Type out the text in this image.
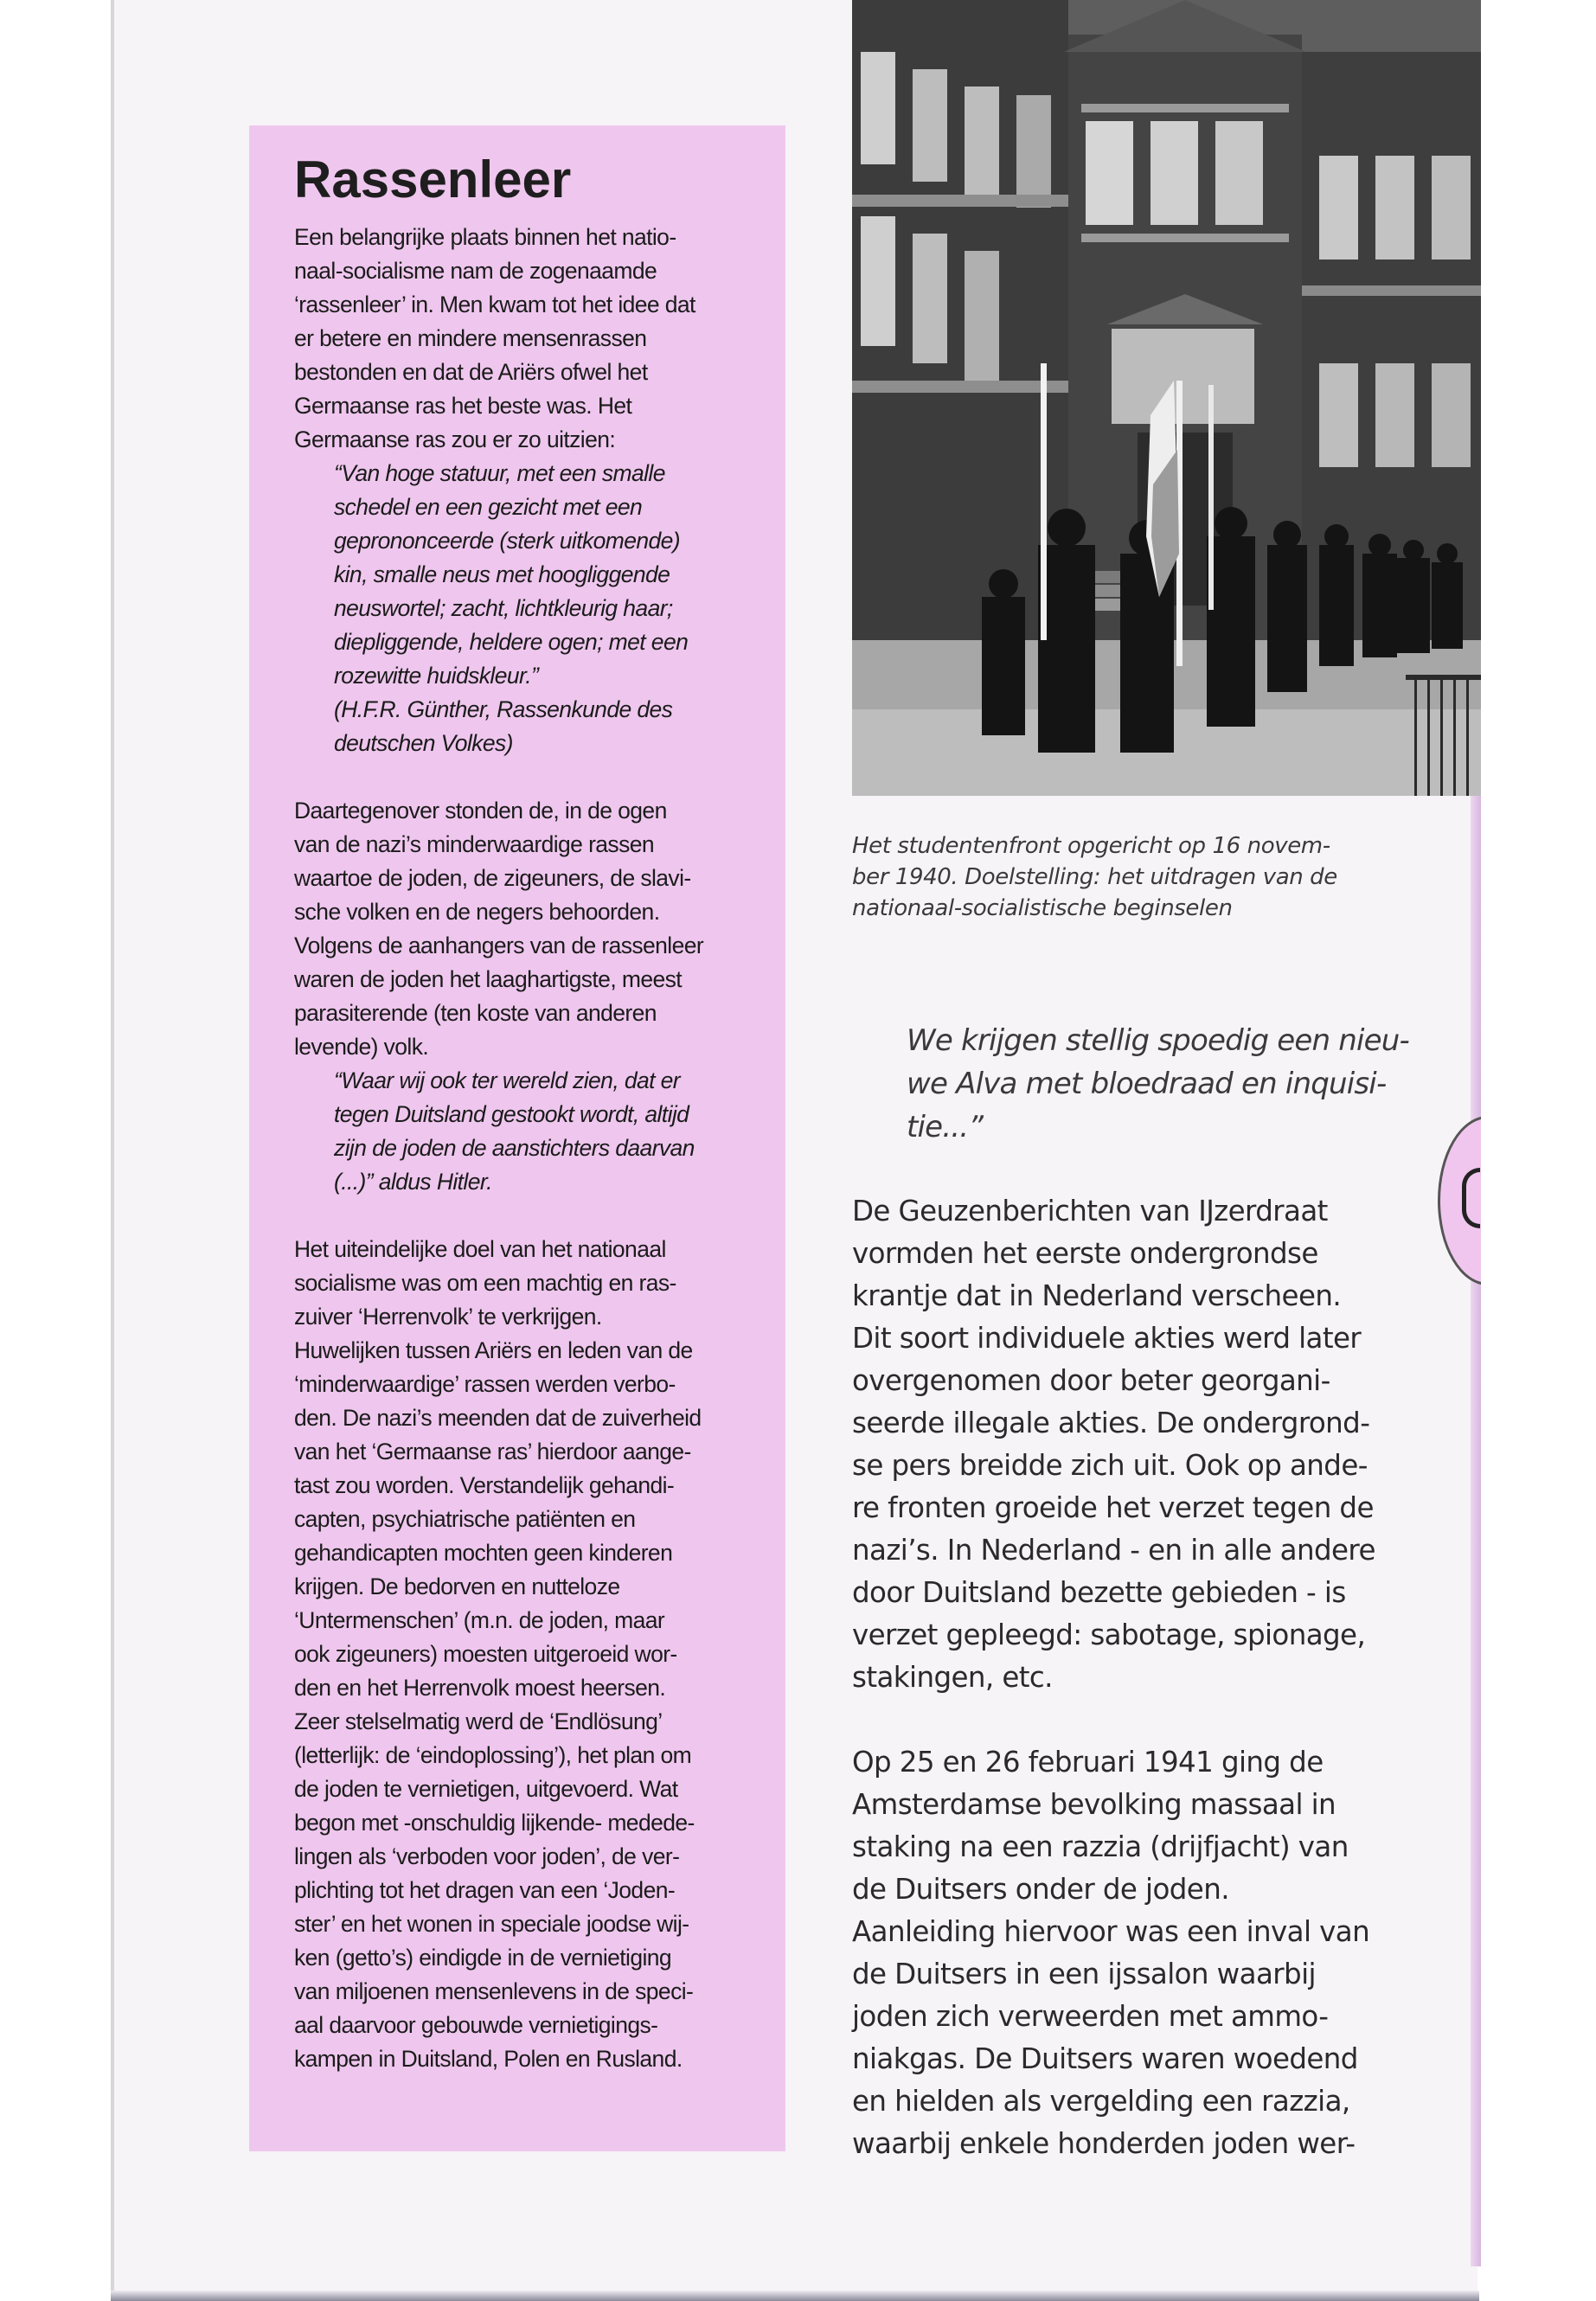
Rassenleer
Een belangrijke plaats binnen het natio-
naal-socialisme nam de zogenaamde
‘rassenleer’ in. Men kwam tot het idee dat
er betere en mindere mensenrassen
bestonden en dat de Ariërs ofwel het
Germaanse ras het beste was. Het
Germaanse ras zou er zo uitzien:
“Van hoge statuur, met een smalle
schedel en een gezicht met een
geprononceerde (sterk uitkomende)
kin, smalle neus met hoogliggende
neuswortel; zacht, lichtkleurig haar;
diepliggende, heldere ogen; met een
rozewitte huidskleur.”
(H.F.R. Günther, Rassenkunde des
deutschen Volkes)
Daartegenover stonden de, in de ogen
van de nazi’s minderwaardige rassen
waartoe de joden, de zigeuners, de slavi-
sche volken en de negers behoorden.
Volgens de aanhangers van de rassenleer
waren de joden het laaghartigste, meest
parasiterende (ten koste van anderen
levende) volk.
“Waar wij ook ter wereld zien, dat er
tegen Duitsland gestookt wordt, altijd
zijn de joden de aanstichters daarvan
(...)” aldus Hitler.
Het uiteindelijke doel van het nationaal
socialisme was om een machtig en ras-
zuiver ‘Herrenvolk’ te verkrijgen.
Huwelijken tussen Ariërs en leden van de
‘minderwaardige’ rassen werden verbo-
den. De nazi’s meenden dat de zuiverheid
van het ‘Germaanse ras’ hierdoor aange-
tast zou worden. Verstandelijk gehandi-
capten, psychiatrische patiënten en
gehandicapten mochten geen kinderen
krijgen. De bedorven en nutteloze
‘Untermenschen’ (m.n. de joden, maar
ook zigeuners) moesten uitgeroeid wor-
den en het Herrenvolk moest heersen.
Zeer stelselmatig werd de ‘Endlösung’
(letterlijk: de ‘eindoplossing’), het plan om
de joden te vernietigen, uitgevoerd. Wat
begon met -onschuldig lijkende- medede-
lingen als ‘verboden voor joden’, de ver-
plichting tot het dragen van een ‘Joden-
ster’ en het wonen in speciale joodse wij-
ken (getto’s) eindigde in de vernietiging
van miljoenen mensenlevens in de speci-
aal daarvoor gebouwde vernietigings-
kampen in Duitsland, Polen en Rusland.
Het studentenfront opgericht op 16 novem-
ber 1940. Doelstelling: het uitdragen van de
nationaal-socialistische beginselen
We krijgen stellig spoedig een nieu-
we Alva met bloedraad en inquisi-
tie...”
De Geuzenberichten van IJzerdraat
vormden het eerste ondergrondse
krantje dat in Nederland verscheen.
Dit soort individuele akties werd later
overgenomen door beter georgani-
seerde illegale akties. De ondergrond-
se pers breidde zich uit. Ook op ande-
re fronten groeide het verzet tegen de
nazi’s. In Nederland - en in alle andere
door Duitsland bezette gebieden - is
verzet gepleegd: sabotage, spionage,
stakingen, etc.
Op 25 en 26 februari 1941 ging de
Amsterdamse bevolking massaal in
staking na een razzia (drijfjacht) van
de Duitsers onder de joden.
Aanleiding hiervoor was een inval van
de Duitsers in een ijssalon waarbij
joden zich verweerden met ammo-
niakgas. De Duitsers waren woedend
en hielden als vergelding een razzia,
waarbij enkele honderden joden wer-
